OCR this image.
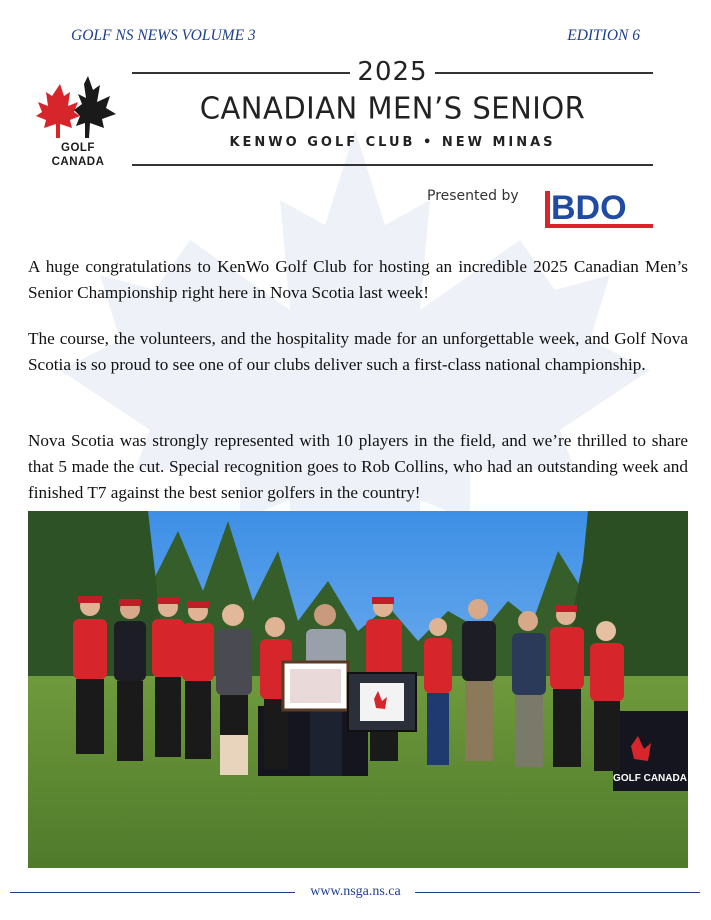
GOLF NS NEWS VOLUME 3	EDITION 6
GOLF
CANADA
2025
CANADIAN MEN’S SENIOR
KENWO GOLF CLUB • NEW MINAS
Presented by BDO
A huge congratulations to KenWo Golf Club for hosting an incredible 2025 Canadian Men’s Senior Championship right here in Nova Scotia last week!
The course, the volunteers, and the hospitality made for an unforgettable week, and Golf Nova Scotia is so proud to see one of our clubs deliver such a first-class national championship.
Nova Scotia was strongly represented with 10 players in the field, and we’re thrilled to share that 5 made the cut. Special recognition goes to Rob Collins, who had an outstanding week and finished T7 against the best senior golfers in the country!
GOLF CANADA
www.nsga.ns.ca
